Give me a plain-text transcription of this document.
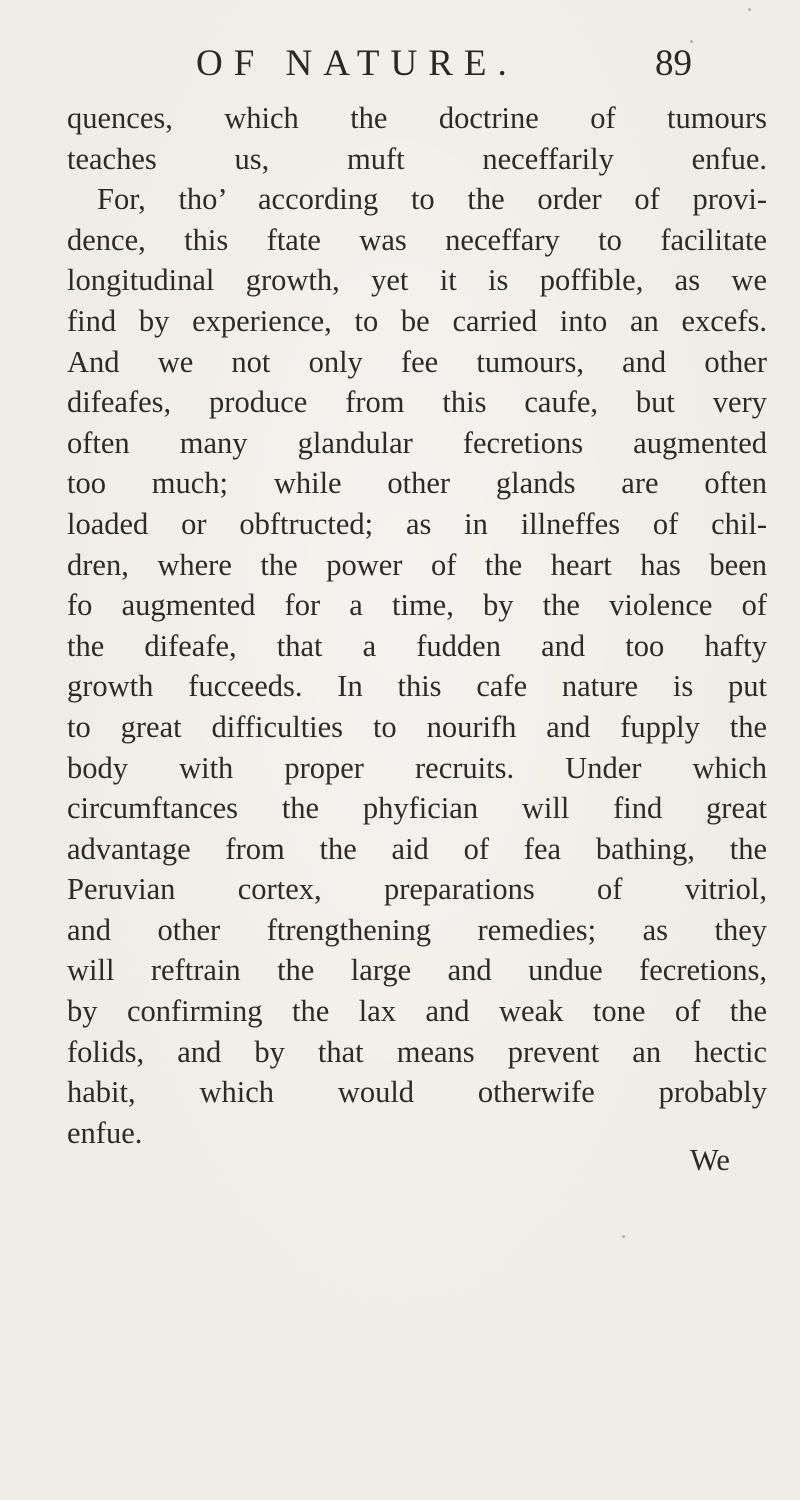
OF NATURE.	89
quences, which the doctrine of tumours
teaches us, muft neceffarily enfue.
For, tho’ according to the order of provi-
dence, this ftate was neceffary to facilitate
longitudinal growth, yet it is poffible, as we
find by experience, to be carried into an excefs.
And we not only fee tumours, and other
difeafes, produce from this caufe, but very
often many glandular fecretions augmented
too much; while other glands are often
loaded or obftructed; as in illneffes of chil-
dren, where the power of the heart has been
fo augmented for a time, by the violence of
the difeafe, that a fudden and too hafty
growth fucceeds. In this cafe nature is put
to great difficulties to nourifh and fupply the
body with proper recruits. Under which
circumftances the phyfician will find great
advantage from the aid of fea bathing, the
Peruvian cortex, preparations of vitriol,
and other ftrengthening remedies; as they
will reftrain the large and undue fecretions,
by confirming the lax and weak tone of the
folids, and by that means prevent an hectic
habit, which would otherwife probably
enfue.
We
